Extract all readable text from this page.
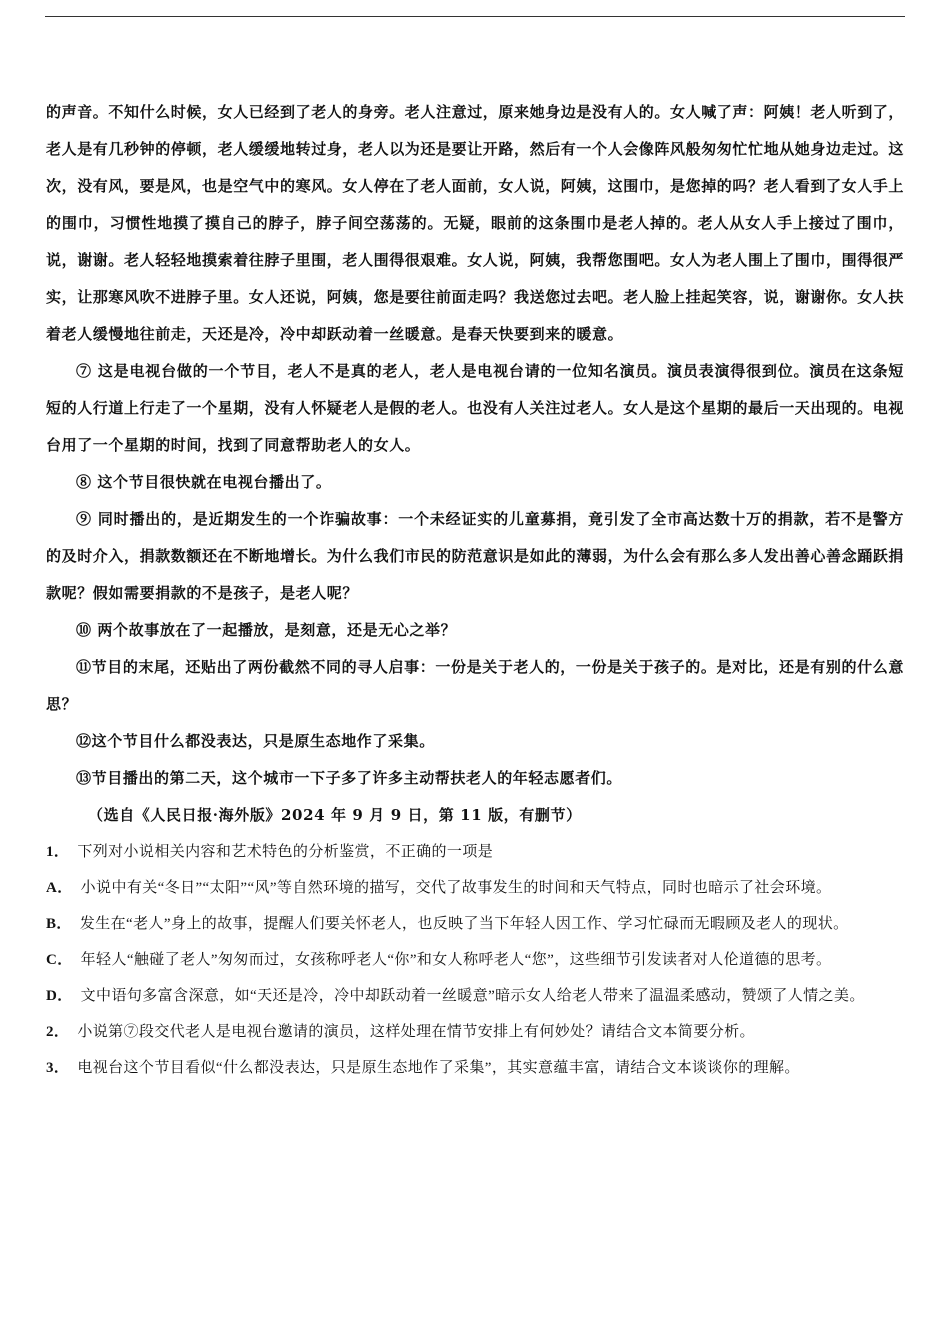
的声音。不知什么时候，女人已经到了老人的身旁。老人注意过，原来她身边是没有人的。女人喊了声：阿姨！老人听到了，老人是有几秒钟的停顿，老人缓缓地转过身，老人以为还是要让开路，然后有一个人会像阵风般匆匆忙忙地从她身边走过。这次，没有风，要是风，也是空气中的寒风。女人停在了老人面前，女人说，阿姨，这围巾，是您掉的吗？老人看到了女人手上的围巾，习惯性地摸了摸自己的脖子，脖子间空荡荡的。无疑，眼前的这条围巾是老人掉的。老人从女人手上接过了围巾，说，谢谢。老人轻轻地摸索着往脖子里围，老人围得很艰难。女人说，阿姨，我帮您围吧。女人为老人围上了围巾，围得很严实，让那寒风吹不进脖子里。女人还说，阿姨，您是要往前面走吗？我送您过去吧。老人脸上挂起笑容，说，谢谢你。女人扶着老人缓慢地往前走，天还是冷，冷中却跃动着一丝暖意。是春天快要到来的暖意。

⑦ 这是电视台做的一个节目，老人不是真的老人，老人是电视台请的一位知名演员。演员表演得很到位。演员在这条短短的人行道上行走了一个星期，没有人怀疑老人是假的老人。也没有人关注过老人。女人是这个星期的最后一天出现的。电视台用了一个星期的时间，找到了同意帮助老人的女人。

⑧ 这个节目很快就在电视台播出了。

⑨ 同时播出的，是近期发生的一个诈骗故事：一个未经证实的儿童募捐，竟引发了全市高达数十万的捐款，若不是警方的及时介入，捐款数额还在不断地增长。为什么我们市民的防范意识是如此的薄弱，为什么会有那么多人发出善心善念踊跃捐款呢？假如需要捐款的不是孩子，是老人呢？

⑩ 两个故事放在了一起播放，是刻意，还是无心之举？

⑪节目的末尾，还贴出了两份截然不同的寻人启事：一份是关于老人的，一份是关于孩子的。是对比，还是有别的什么意思？

⑫这个节目什么都没表达，只是原生态地作了采集。

⑬节目播出的第二天，这个城市一下子多了许多主动帮扶老人的年轻志愿者们。

（选自《人民日报·海外版》2024 年 9 月 9 日，第 11 版，有删节）

1． 下列对小说相关内容和艺术特色的分析鉴赏，不正确的一项是

A． 小说中有关“冬日”“太阳”“风”等自然环境的描写，交代了故事发生的时间和天气特点，同时也暗示了社会环境。

B． 发生在“老人”身上的故事，提醒人们要关怀老人，也反映了当下年轻人因工作、学习忙碌而无暇顾及老人的现状。

C． 年轻人“触碰了老人”匆匆而过，女孩称呼老人“你”和女人称呼老人“您”，这些细节引发读者对人伦道德的思考。

D． 文中语句多富含深意，如“天还是冷，冷中却跃动着一丝暖意”暗示女人给老人带来了温温柔感动，赞颂了人情之美。

2． 小说第⑦段交代老人是电视台邀请的演员，这样处理在情节安排上有何妙处？请结合文本简要分析。

3． 电视台这个节目看似“什么都没表达，只是原生态地作了采集”，其实意蕴丰富，请结合文本谈谈你的理解。
